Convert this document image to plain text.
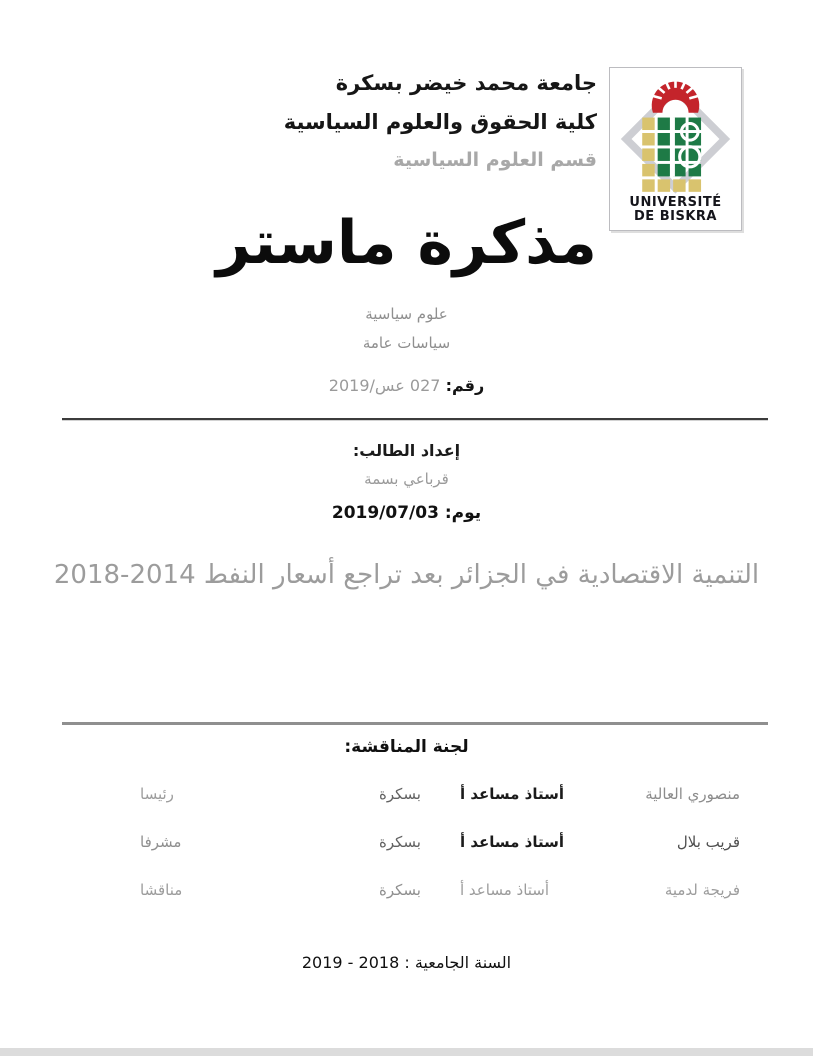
جامعة محمد خيضر بسكرة
كلية الحقوق والعلوم السياسية
قسم العلوم السياسية
UNIVERSITÉ
DE BISKRA
مذكرة ماستر
علوم سياسية
سياسات عامة
رقم: 027 عس/2019
إعداد الطالب:
قرباعي بسمة
يوم: 2019/07/03
التنمية الاقتصادية في الجزائر بعد تراجع أسعار النفط 2014‏-‏2018
لجنة المناقشة:
رئيسا	بسكرة	أستاذ مساعد أ	منصوري العالية
مشرفا	بسكرة	أستاذ مساعد أ	قريب بلال
مناقشا	بسكرة	أستاذ مساعد أ	فريجة لدمية
السنة الجامعية : 2018 - 2019
